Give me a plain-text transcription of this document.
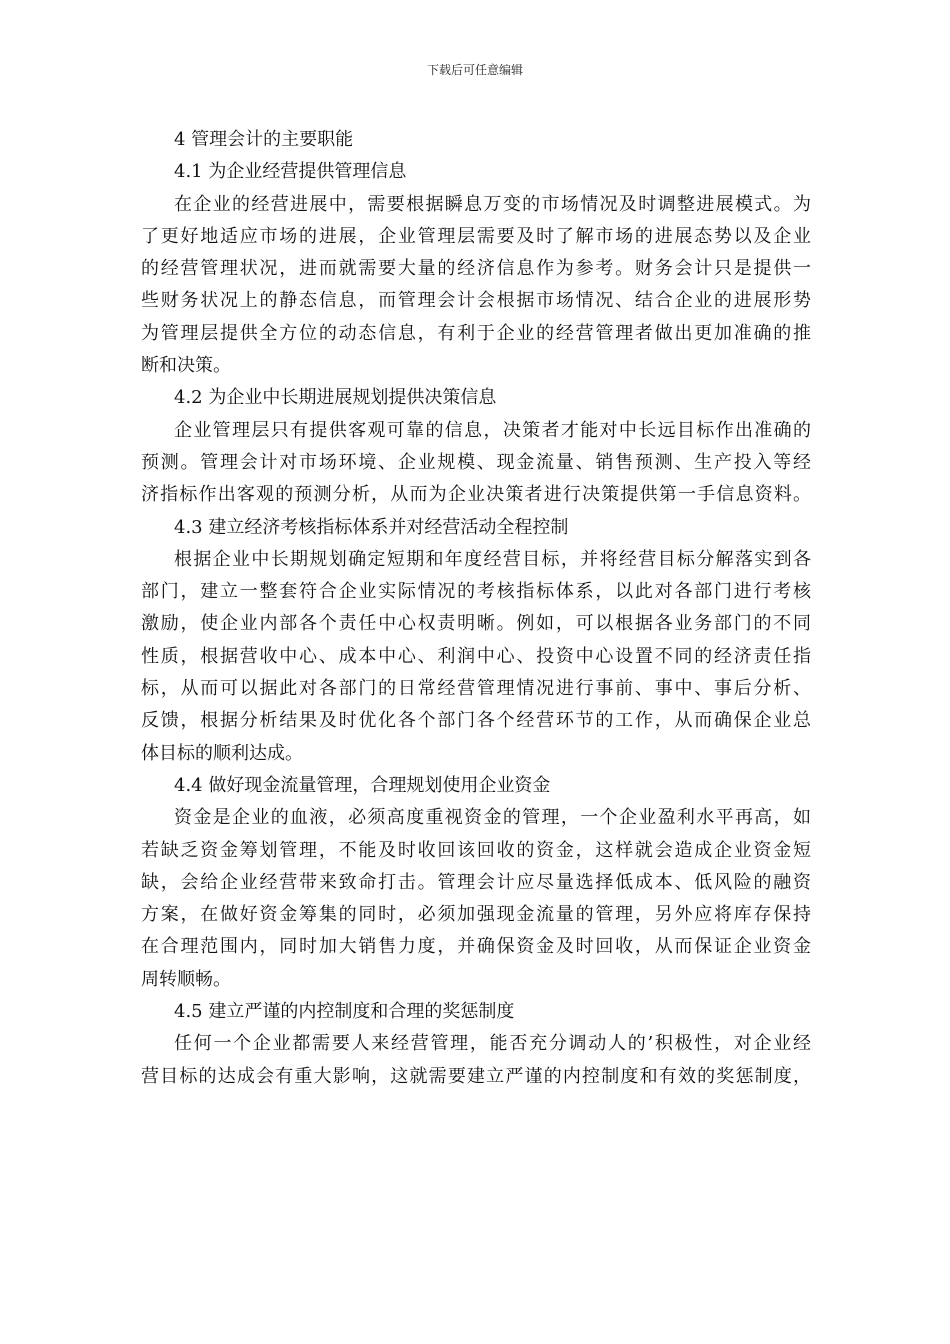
下载后可任意编辑
4 管理会计的主要职能
4.1 为企业经营提供管理信息
在企业的经营进展中，需要根据瞬息万变的市场情况及时调整进展模式。为
了更好地适应市场的进展，企业管理层需要及时了解市场的进展态势以及企业
的经营管理状况，进而就需要大量的经济信息作为参考。财务会计只是提供一
些财务状况上的静态信息，而管理会计会根据市场情况、结合企业的进展形势
为管理层提供全方位的动态信息，有利于企业的经营管理者做出更加准确的推
断和决策。
4.2 为企业中长期进展规划提供决策信息
企业管理层只有提供客观可靠的信息，决策者才能对中长远目标作出准确的
预测。管理会计对市场环境、企业规模、现金流量、销售预测、生产投入等经
济指标作出客观的预测分析，从而为企业决策者进行决策提供第一手信息资料。
4.3 建立经济考核指标体系并对经营活动全程控制
根据企业中长期规划确定短期和年度经营目标，并将经营目标分解落实到各
部门，建立一整套符合企业实际情况的考核指标体系，以此对各部门进行考核
激励，使企业内部各个责任中心权责明晰。例如，可以根据各业务部门的不同
性质，根据营收中心、成本中心、利润中心、投资中心设置不同的经济责任指
标，从而可以据此对各部门的日常经营管理情况进行事前、事中、事后分析、
反馈，根据分析结果及时优化各个部门各个经营环节的工作，从而确保企业总
体目标的顺利达成。
4.4 做好现金流量管理，合理规划使用企业资金
资金是企业的血液，必须高度重视资金的管理，一个企业盈利水平再高，如
若缺乏资金筹划管理，不能及时收回该回收的资金，这样就会造成企业资金短
缺，会给企业经营带来致命打击。管理会计应尽量选择低成本、低风险的融资
方案，在做好资金筹集的同时，必须加强现金流量的管理，另外应将库存保持
在合理范围内，同时加大销售力度，并确保资金及时回收，从而保证企业资金
周转顺畅。
4.5 建立严谨的内控制度和合理的奖惩制度
任何一个企业都需要人来经营管理，能否充分调动人的’积极性，对企业经
营目标的达成会有重大影响，这就需要建立严谨的内控制度和有效的奖惩制度，
